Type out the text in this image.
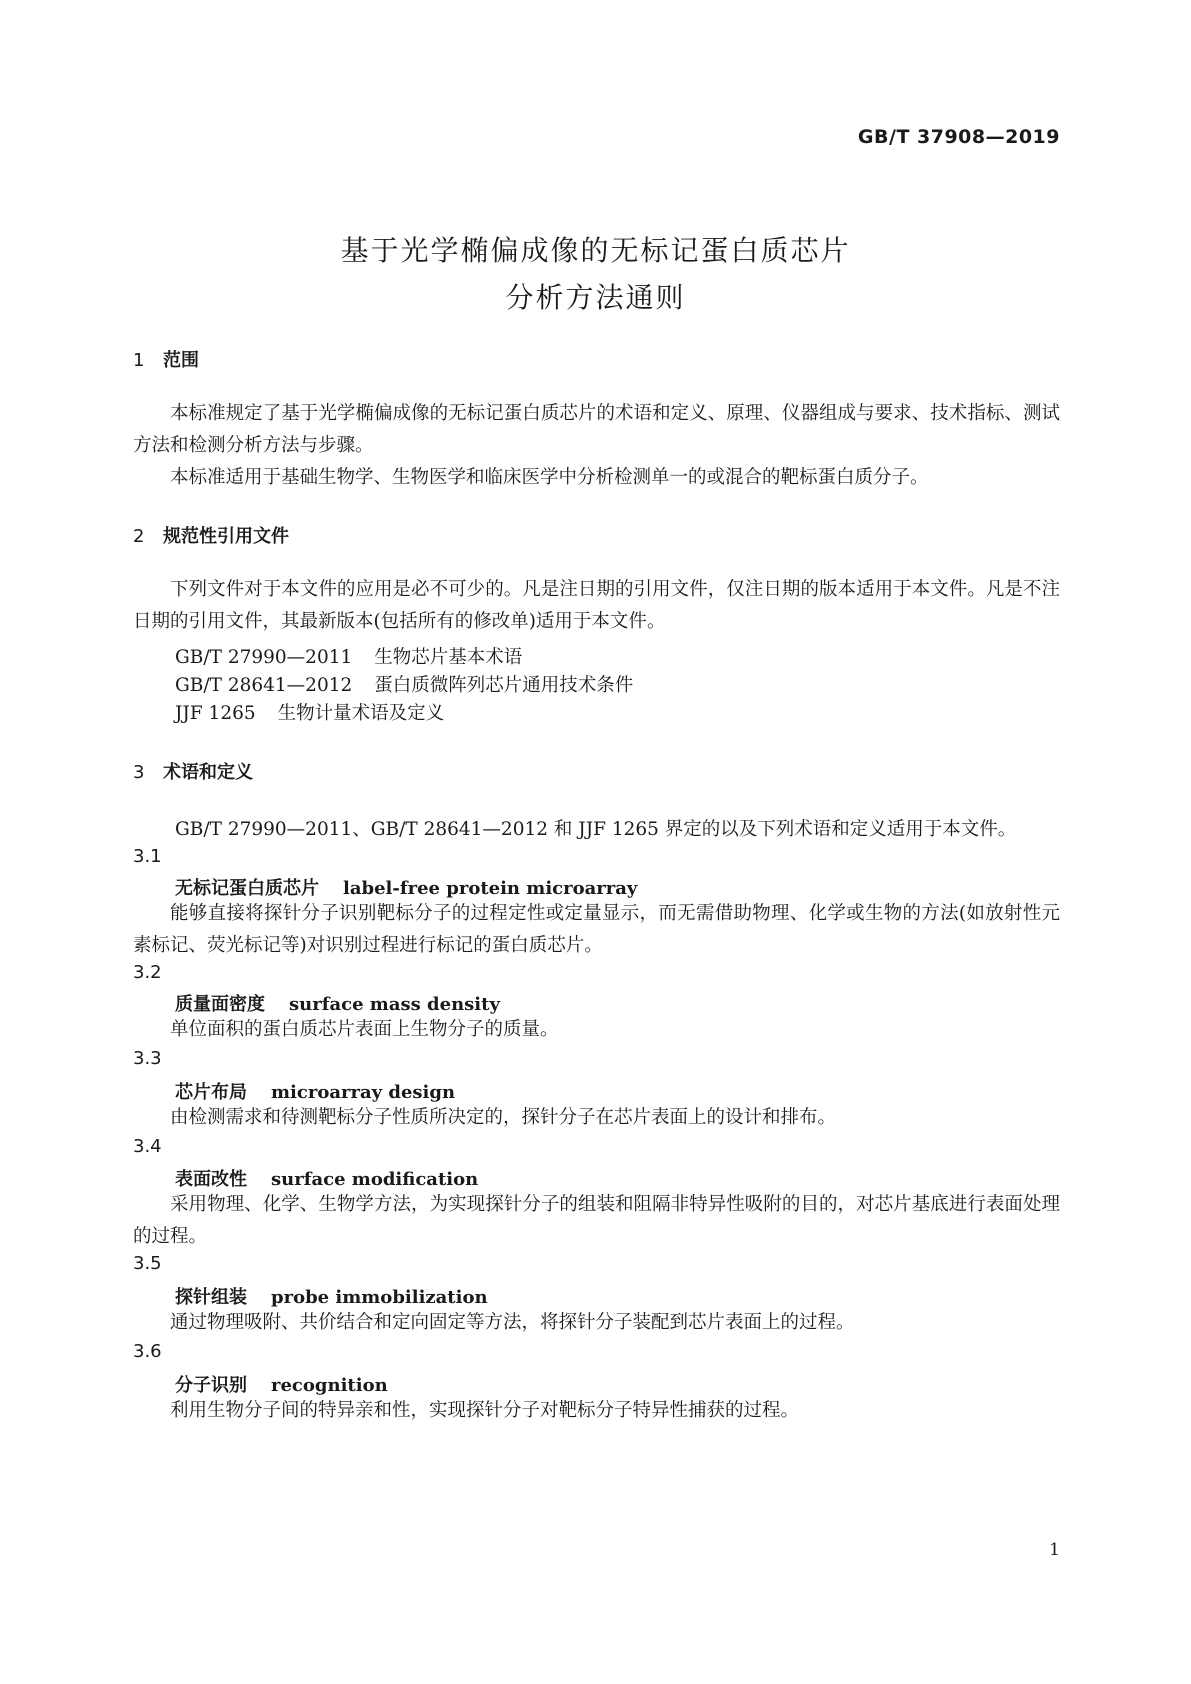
GB/T 37908—2019
基于光学椭偏成像的无标记蛋白质芯片
分析方法通则
1 范围

本标准规定了基于光学椭偏成像的无标记蛋白质芯片的术语和定义、原理、仪器组成与要求、技术指标、测试方法和检测分析方法与步骤。

本标准适用于基础生物学、生物医学和临床医学中分析检测单一的或混合的靶标蛋白质分子。

2 规范性引用文件

下列文件对于本文件的应用是必不可少的。凡是注日期的引用文件，仅注日期的版本适用于本文件。凡是不注日期的引用文件，其最新版本(包括所有的修改单)适用于本文件。

GB/T 27990—2011 生物芯片基本术语
GB/T 28641—2012 蛋白质微阵列芯片通用技术条件
JJF 1265 生物计量术语及定义
3 术语和定义
GB/T 27990—2011、GB/T 28641—2012 和 JJF 1265 界定的以及下列术语和定义适用于本文件。
3.1
无标记蛋白质芯片 label-free protein microarray

能够直接将探针分子识别靶标分子的过程定性或定量显示，而无需借助物理、化学或生物的方法(如放射性元素标记、荧光标记等)对识别过程进行标记的蛋白质芯片。

3.2
质量面密度 surface mass density

单位面积的蛋白质芯片表面上生物分子的质量。

3.3
芯片布局 microarray design

由检测需求和待测靶标分子性质所决定的，探针分子在芯片表面上的设计和排布。

3.4
表面改性 surface modification

采用物理、化学、生物学方法，为实现探针分子的组装和阻隔非特异性吸附的目的，对芯片基底进行表面处理的过程。

3.5
探针组装 probe immobilization

通过物理吸附、共价结合和定向固定等方法，将探针分子装配到芯片表面上的过程。

3.6
分子识别 recognition

利用生物分子间的特异亲和性，实现探针分子对靶标分子特异性捕获的过程。

1
